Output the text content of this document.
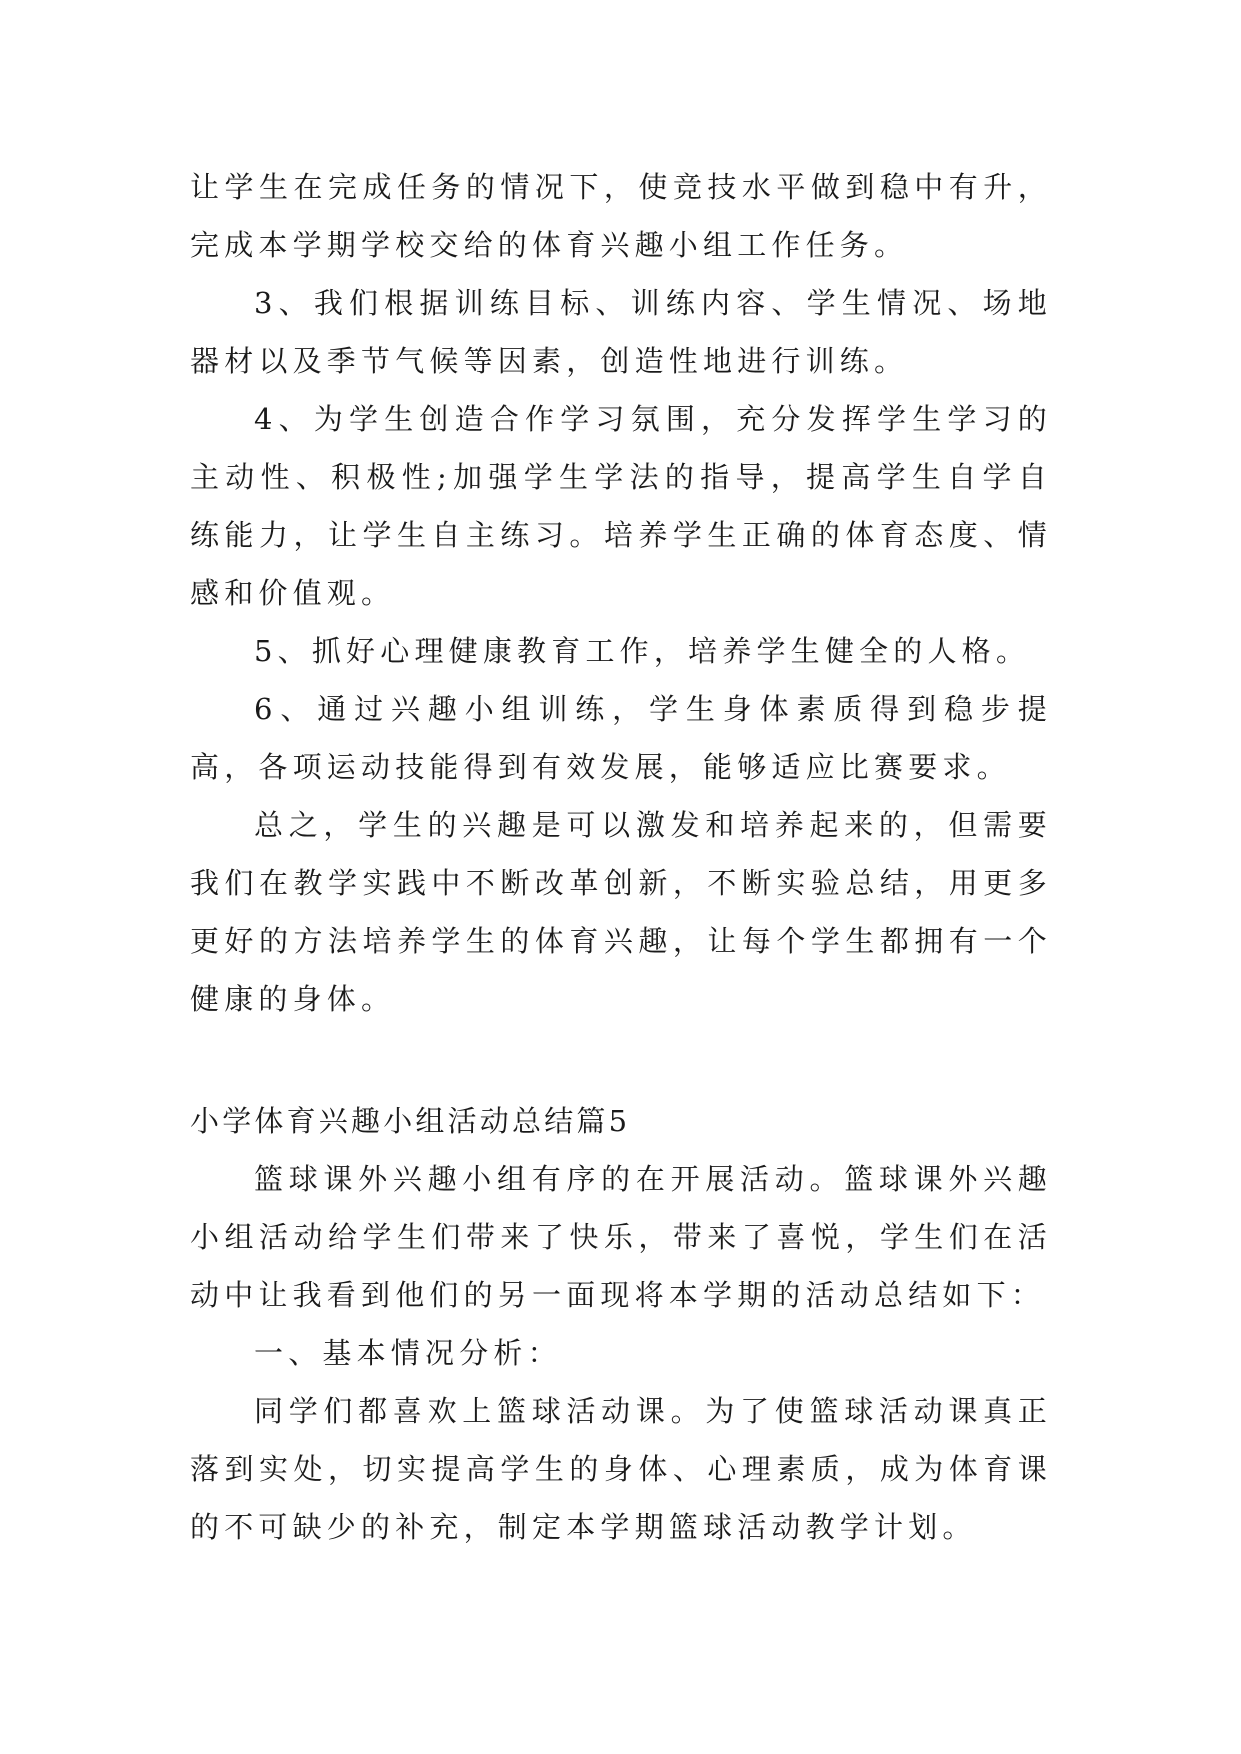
让学生在完成任务的情况下，使竞技水平做到稳中有升，完成本学期学校交给的体育兴趣小组工作任务。

3、我们根据训练目标、训练内容、学生情况、场地器材以及季节气候等因素，创造性地进行训练。

4、为学生创造合作学习氛围，充分发挥学生学习的主动性、积极性;加强学生学法的指导，提高学生自学自练能力，让学生自主练习。培养学生正确的体育态度、情感和价值观。

5、抓好心理健康教育工作，培养学生健全的人格。

6、通过兴趣小组训练，学生身体素质得到稳步提高，各项运动技能得到有效发展，能够适应比赛要求。

总之，学生的兴趣是可以激发和培养起来的，但需要我们在教学实践中不断改革创新，不断实验总结，用更多更好的方法培养学生的体育兴趣，让每个学生都拥有一个健康的身体。

小学体育兴趣小组活动总结篇5

篮球课外兴趣小组有序的在开展活动。篮球课外兴趣小组活动给学生们带来了快乐，带来了喜悦，学生们在活动中让我看到他们的另一面现将本学期的活动总结如下：

一、基本情况分析：

同学们都喜欢上篮球活动课。为了使篮球活动课真正落到实处，切实提高学生的身体、心理素质，成为体育课的不可缺少的补充，制定本学期篮球活动教学计划。
